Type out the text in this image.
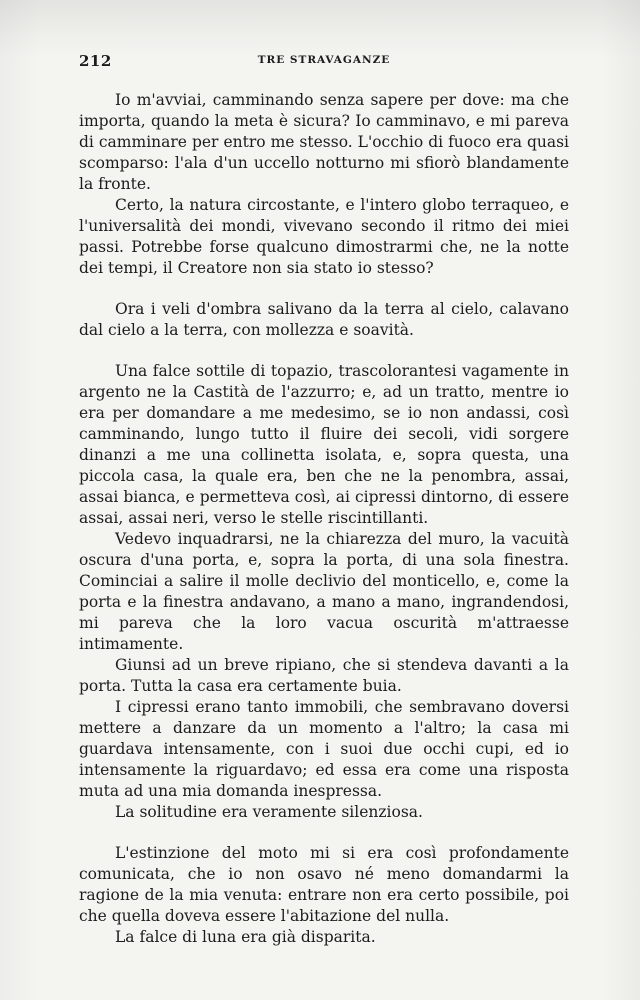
212	TRE STRAVAGANZE

Io m'avviai, camminando senza sapere per dove: ma che importa, quando la meta è sicura? Io camminavo, e mi pareva di camminare per entro me stesso. L'occhio di fuoco era quasi scomparso: l'ala d'un uccello notturno mi sfiorò blandamente la fronte.

Certo, la natura circostante, e l'intero globo terraqueo, e l'universalità dei mondi, vivevano secondo il ritmo dei miei passi. Potrebbe forse qualcuno dimostrarmi che, ne la notte dei tempi, il Creatore non sia stato io stesso?

Ora i veli d'ombra salivano da la terra al cielo, calavano dal cielo a la terra, con mollezza e soavità.

Una falce sottile di topazio, trascolorantesi vagamente in argento ne la Castità de l'azzurro; e, ad un tratto, mentre io era per domandare a me medesimo, se io non andassi, così camminando, lungo tutto il fluire dei secoli, vidi sorgere dinanzi a me una collinetta isolata, e, sopra questa, una piccola casa, la quale era, ben che ne la penombra, assai, assai bianca, e permetteva così, ai cipressi dintorno, di essere assai, assai neri, verso le stelle riscintillanti.

Vedevo inquadrarsi, ne la chiarezza del muro, la vacuità oscura d'una porta, e, sopra la porta, di una sola finestra. Cominciai a salire il molle declivio del monticello, e, come la porta e la finestra andavano, a mano a mano, ingrandendosi, mi pareva che la loro vacua oscurità m'attraesse intimamente.

Giunsi ad un breve ripiano, che si stendeva davanti a la porta. Tutta la casa era certamente buia.

I cipressi erano tanto immobili, che sembravano doversi mettere a danzare da un momento a l'altro; la casa mi guardava intensamente, con i suoi due occhi cupi, ed io intensamente la riguardavo; ed essa era come una risposta muta ad una mia domanda inespressa.

La solitudine era veramente silenziosa.

L'estinzione del moto mi si era così profondamente comunicata, che io non osavo né meno domandarmi la ragione de la mia venuta: entrare non era certo possibile, poi che quella doveva essere l'abitazione del nulla.

La falce di luna era già disparita.
